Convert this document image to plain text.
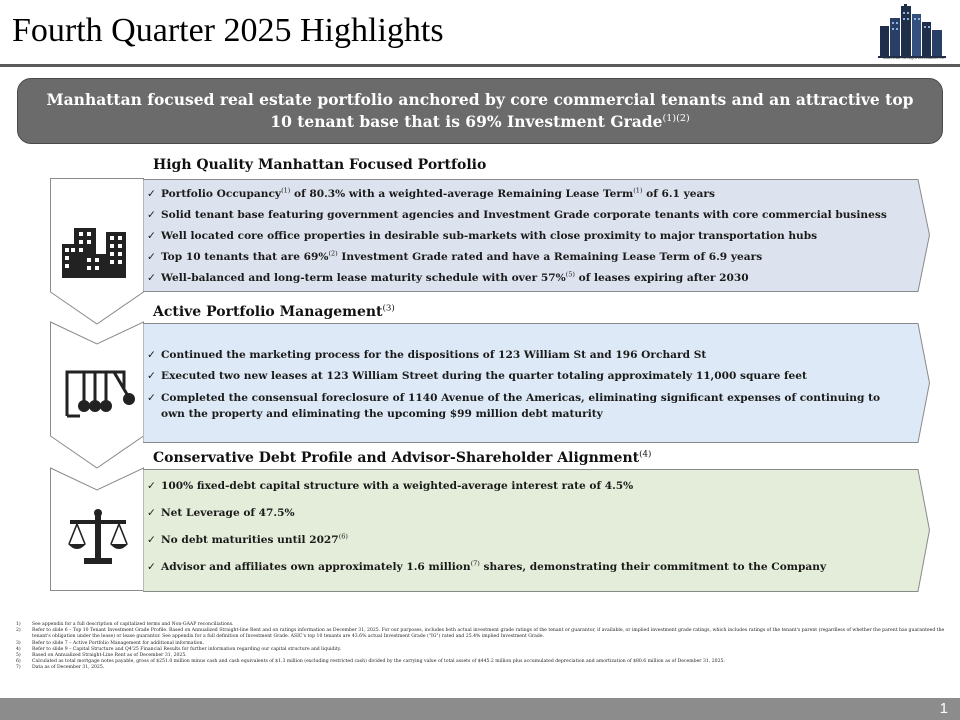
Fourth Quarter 2025 Highlights
American Strength Investment Co.
Manhattan focused real estate portfolio anchored by core commercial tenants and an attractive top 10 tenant base that is 69% Investment Grade$^{(1)(2)}$
High Quality Manhattan Focused Portfolio
✓ Portfolio Occupancy$^{(1)}$ of 80.3% with a weighted-average Remaining Lease Term$^{(1)}$ of 6.1 years
✓ Solid tenant base featuring government agencies and Investment Grade corporate tenants with core commercial business
✓ Well located core office properties in desirable sub-markets with close proximity to major transportation hubs
✓ Top 10 tenants that are 69%$^{(2)}$ Investment Grade rated and have a Remaining Lease Term of 6.9 years
✓ Well-balanced and long-term lease maturity schedule with over 57%$^{(5)}$ of leases expiring after 2030
Active Portfolio Management$^{(3)}$
✓ Continued the marketing process for the dispositions of 123 William St and 196 Orchard St
✓ Executed two new leases at 123 William Street during the quarter totaling approximately 11,000 square feet
✓ Completed the consensual foreclosure of 1140 Avenue of the Americas, eliminating significant expenses of continuing to own the property and eliminating the upcoming $99 million debt maturity
Conservative Debt Profile and Advisor-Shareholder Alignment$^{(4)}$
✓ 100% fixed-debt capital structure with a weighted-average interest rate of 4.5%
✓ Net Leverage of 47.5%
✓ No debt maturities until 2027$^{(6)}$
✓ Advisor and affiliates own approximately 1.6 million$^{(7)}$ shares, demonstrating their commitment to the Company
1) See appendix for a full description of capitalized terms and Non-GAAP reconciliations.
2) Refer to slide 6 – Top 10 Tenant Investment Grade Profile. Based on Annualized Straight-line Rent and on ratings information as December 31, 2025. For our purposes, includes both actual investment grade ratings of the tenant or guarantor, if available, or implied investment grade ratings, which includes ratings of the tenant's parent (regardless of whether the parent has guaranteed the tenant's obligation under the lease) or lease guarantor. See appendix for a full definition of Investment Grade. ASIC's top 10 tenants are 43.6% actual Investment Grade ("IG") rated and 25.4% implied Investment Grade.
3) Refer to slide 7 – Active Portfolio Management for additional information.
4) Refer to slide 9 – Capital Structure and Q4'25 Financial Results for further information regarding our capital structure and liquidity.
5) Based on Annualized Straight-Line Rent as of December 31, 2025.
6) Calculated as total mortgage notes payable, gross of $251.0 million minus cash and cash equivalents of $1.3 million (excluding restricted cash) divided by the carrying value of total assets of $445.2 million plus accumulated depreciation and amortization of $80.6 million as of December 31, 2025.
7) Data as of December 31, 2025.
1
